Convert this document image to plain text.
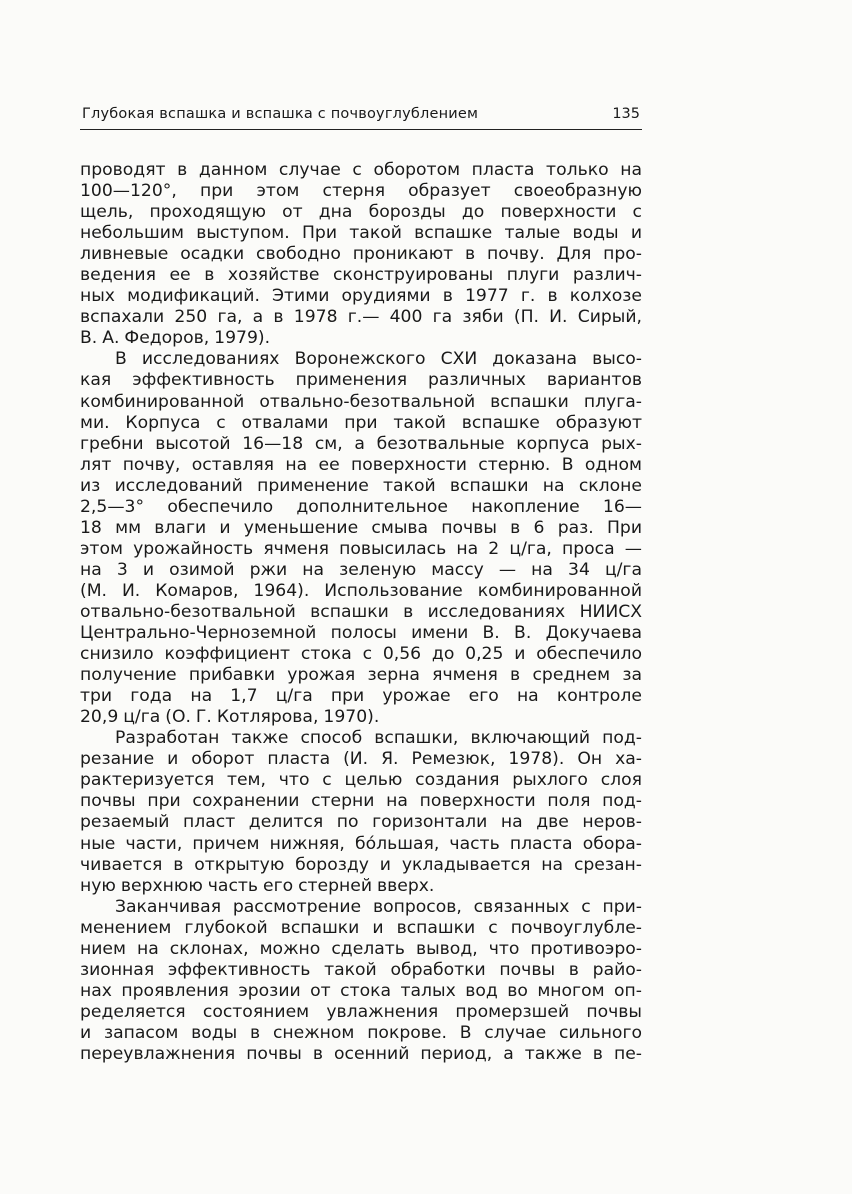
Глубокая вспашка и вспашка с почвоуглублением	135
проводят в данном случае с оборотом пласта только на
100—120°, при этом стерня образует своеобразную
щель, проходящую от дна борозды до поверхности с
небольшим выступом. При такой вспашке талые воды и
ливневые осадки свободно проникают в почву. Для про-
ведения ее в хозяйстве сконструированы плуги различ-
ных модификаций. Этими орудиями в 1977 г. в колхозе
вспахали 250 га, а в 1978 г.— 400 га зяби (П. И. Сирый,
В. А. Федоров, 1979).
В исследованиях Воронежского СХИ доказана высо-
кая эффективность применения различных вариантов
комбинированной отвально-безотвальной вспашки плуга-
ми. Корпуса с отвалами при такой вспашке образуют
гребни высотой 16—18 см, а безотвальные корпуса рых-
лят почву, оставляя на ее поверхности стерню. В одном
из исследований применение такой вспашки на склоне
2,5—3° обеспечило дополнительное накопление 16—
18 мм влаги и уменьшение смыва почвы в 6 раз. При
этом урожайность ячменя повысилась на 2 ц/га, проса —
на 3 и озимой ржи на зеленую массу — на 34 ц/га
(М. И. Комаров, 1964). Использование комбинированной
отвально-безотвальной вспашки в исследованиях НИИСХ
Центрально-Черноземной полосы имени В. В. Докучаева
снизило коэффициент стока с 0,56 до 0,25 и обеспечило
получение прибавки урожая зерна ячменя в среднем за
три года на 1,7 ц/га при урожае его на контроле
20,9 ц/га (О. Г. Котлярова, 1970).
Разработан также способ вспашки, включающий под-
резание и оборот пласта (И. Я. Ремезюк, 1978). Он ха-
рактеризуется тем, что с целью создания рыхлого слоя
почвы при сохранении стерни на поверхности поля под-
резаемый пласт делится по горизонтали на две неров-
ные части, причем нижняя, бо́льшая, часть пласта обора-
чивается в открытую борозду и укладывается на срезан-
ную верхнюю часть его стерней вверх.
Заканчивая рассмотрение вопросов, связанных с при-
менением глубокой вспашки и вспашки с почвоуглубле-
нием на склонах, можно сделать вывод, что противоэро-
зионная эффективность такой обработки почвы в райо-
нах проявления эрозии от стока талых вод во многом оп-
ределяется состоянием увлажнения промерзшей почвы
и запасом воды в снежном покрове. В случае сильного
переувлажнения почвы в осенний период, а также в пе-
